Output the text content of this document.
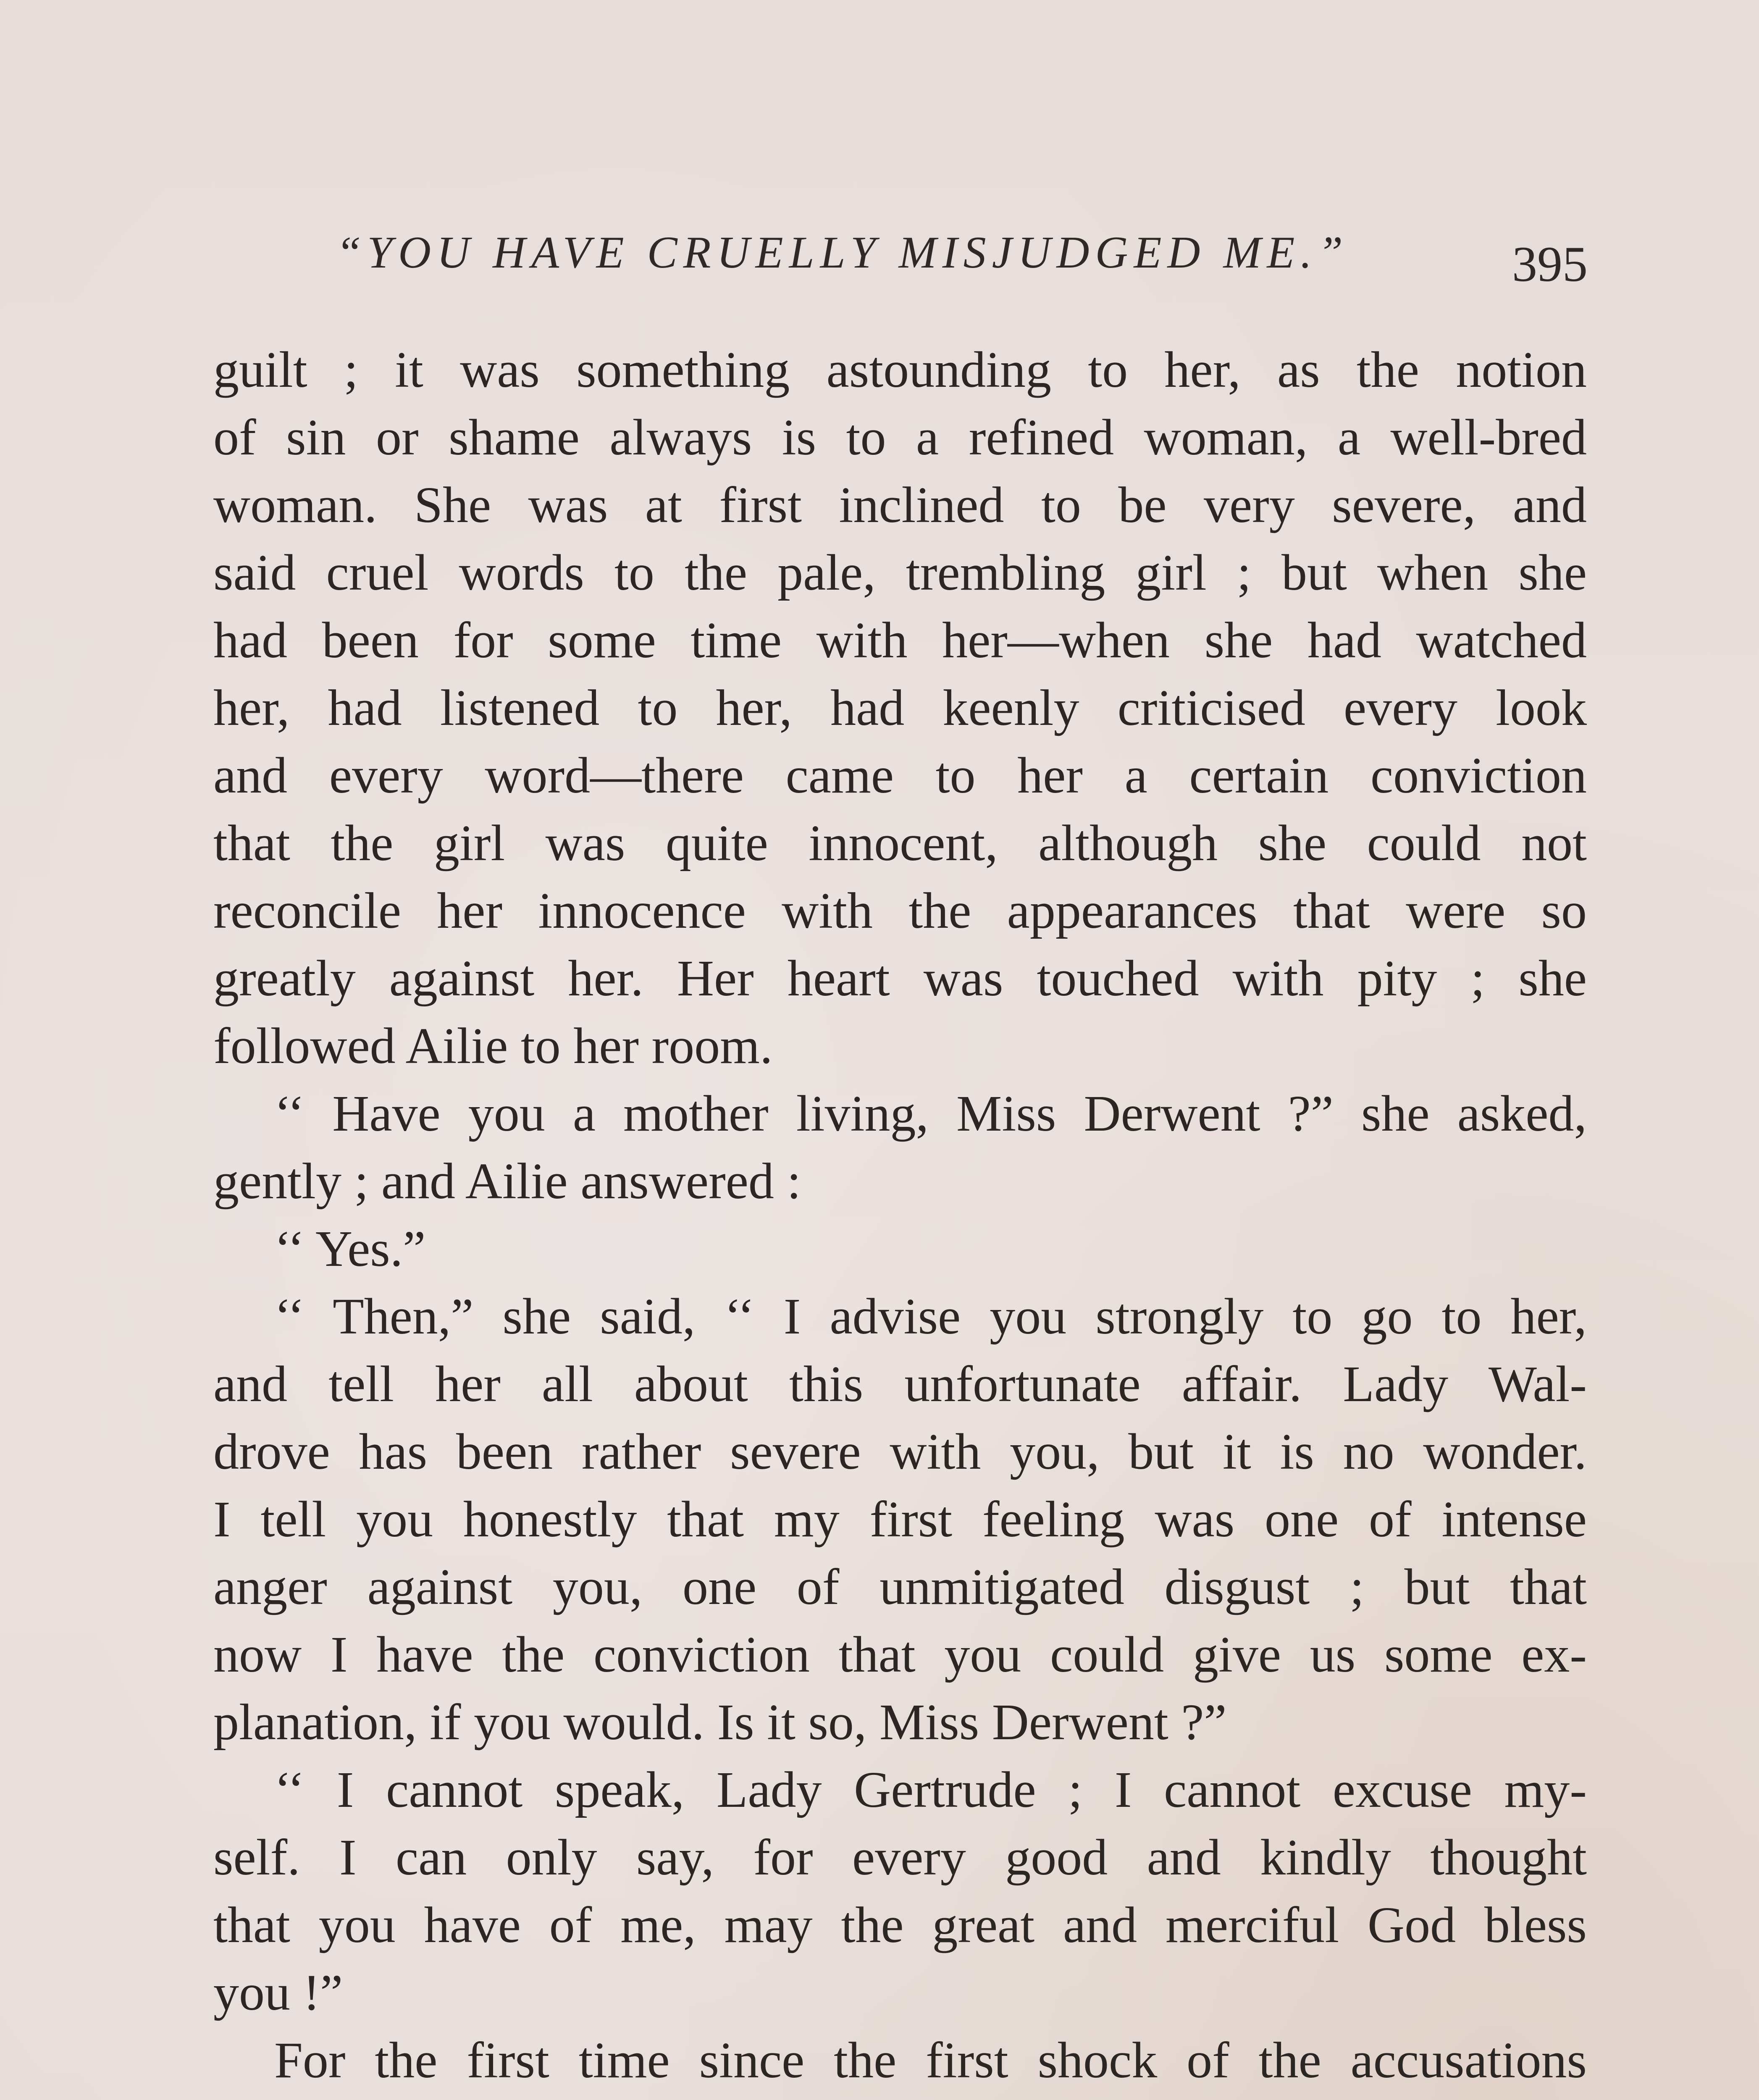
“YOU HAVE CRUELLY MISJUDGED ME.”	395
guilt ; it was something astounding to her, as the notion
of sin or shame always is to a refined woman, a well-bred
woman. She was at first inclined to be very severe, and
said cruel words to the pale, trembling girl ; but when she
had been for some time with her—when she had watched
her, had listened to her, had keenly criticised every look
and every word—there came to her a certain conviction
that the girl was quite innocent, although she could not
reconcile her innocence with the appearances that were so
greatly against her. Her heart was touched with pity ; she
followed Ailie to her room.
‘‘ Have you a mother living, Miss Derwent ?” she asked,
gently ; and Ailie answered :
‘‘ Yes.”
‘‘ Then,” she said, ‘‘ I advise you strongly to go to her,
and tell her all about this unfortunate affair. Lady Wal-
drove has been rather severe with you, but it is no wonder.
I tell you honestly that my first feeling was one of intense
anger against you, one of unmitigated disgust ; but that
now I have the conviction that you could give us some ex-
planation, if you would. Is it so, Miss Derwent ?”
‘‘ I cannot speak, Lady Gertrude ; I cannot excuse my-
self. I can only say, for every good and kindly thought
that you have of me, may the great and merciful God bless
you !”
For the first time since the first shock of the accusations
